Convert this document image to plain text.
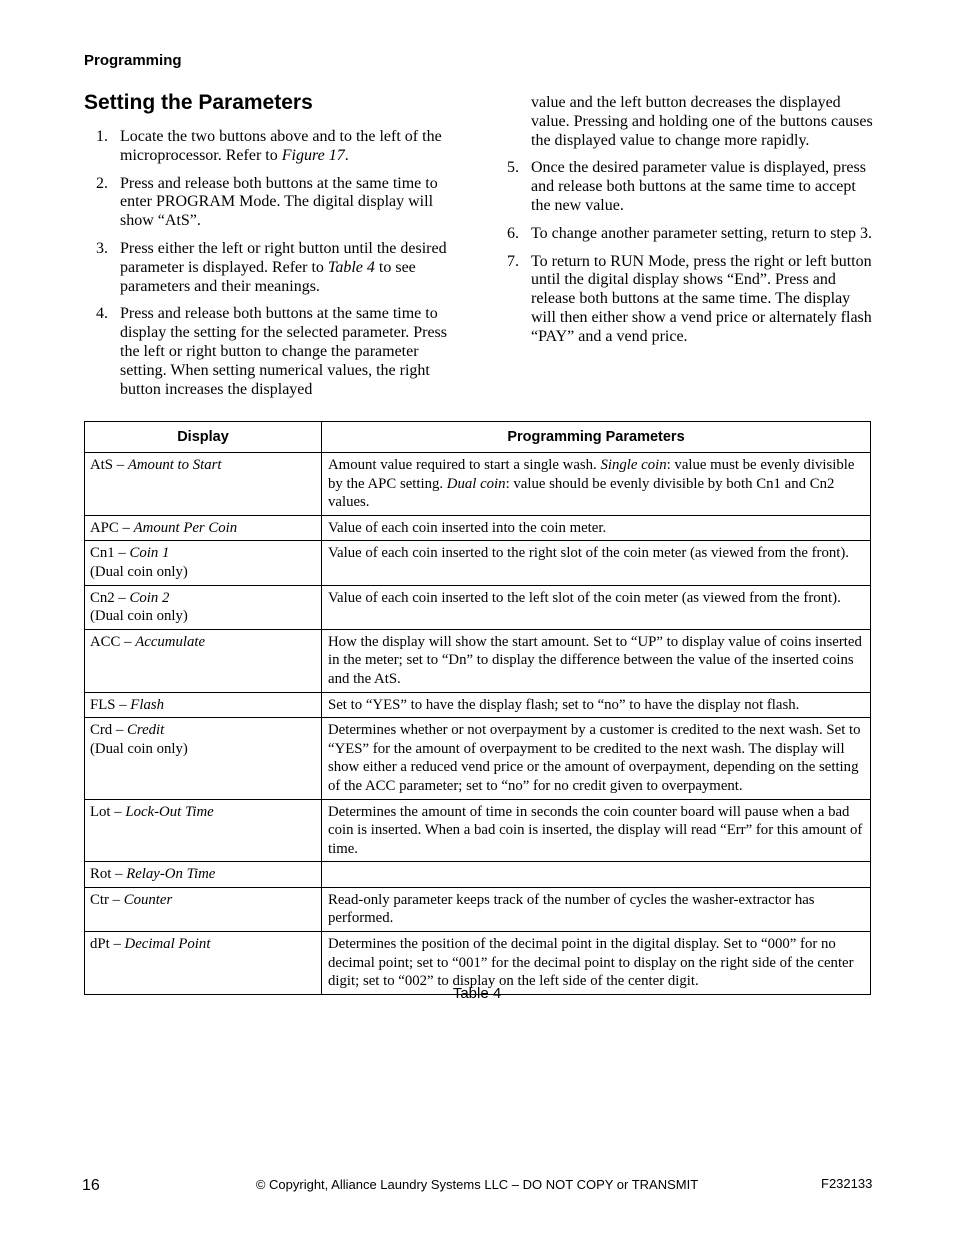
Programming
Setting the Parameters
1. Locate the two buttons above and to the left of the microprocessor. Refer to Figure 17.
2. Press and release both buttons at the same time to enter PROGRAM Mode. The digital display will show “AtS”.
3. Press either the left or right button until the desired parameter is displayed. Refer to Table 4 to see parameters and their meanings.
4. Press and release both buttons at the same time to display the setting for the selected parameter. Press the left or right button to change the parameter setting. When setting numerical values, the right button increases the displayed
value and the left button decreases the displayed value. Pressing and holding one of the buttons causes the displayed value to change more rapidly.
5. Once the desired parameter value is displayed, press and release both buttons at the same time to accept the new value.
6. To change another parameter setting, return to step 3.
7. To return to RUN Mode, press the right or left button until the digital display shows “End”. Press and release both buttons at the same time. The display will then either show a vend price or alternately flash “PAY” and a vend price.
Display	Programming Parameters
AtS – Amount to Start	Amount value required to start a single wash. Single coin: value must be evenly divisible by the APC setting. Dual coin: value should be evenly divisible by both Cn1 and Cn2 values.
APC – Amount Per Coin	Value of each coin inserted into the coin meter.
Cn1 – Coin 1
(Dual coin only)	Value of each coin inserted to the right slot of the coin meter (as viewed from the front).
Cn2 – Coin 2
(Dual coin only)	Value of each coin inserted to the left slot of the coin meter (as viewed from the front).
ACC – Accumulate	How the display will show the start amount. Set to “UP” to display value of coins inserted in the meter; set to “Dn” to display the difference between the value of the inserted coins and the AtS.
FLS – Flash	Set to “YES” to have the display flash; set to “no” to have the display not flash.
Crd – Credit
(Dual coin only)	Determines whether or not overpayment by a customer is credited to the next wash. Set to “YES” for the amount of overpayment to be credited to the next wash. The display will show either a reduced vend price or the amount of overpayment, depending on the setting of the ACC parameter; set to “no” for no credit given to overpayment.
Lot – Lock-Out Time	Determines the amount of time in seconds the coin counter board will pause when a bad coin is inserted. When a bad coin is inserted, the display will read “Err” for this amount of time.
Rot – Relay-On Time	
Ctr – Counter	Read-only parameter keeps track of the number of cycles the washer-extractor has performed.
dPt – Decimal Point	Determines the position of the decimal point in the digital display. Set to “000” for no decimal point; set to “001” for the decimal point to display on the right side of the center digit; set to “002” to display on the left side of the center digit.
Table 4
16	© Copyright, Alliance Laundry Systems LLC – DO NOT COPY or TRANSMIT	F232133
